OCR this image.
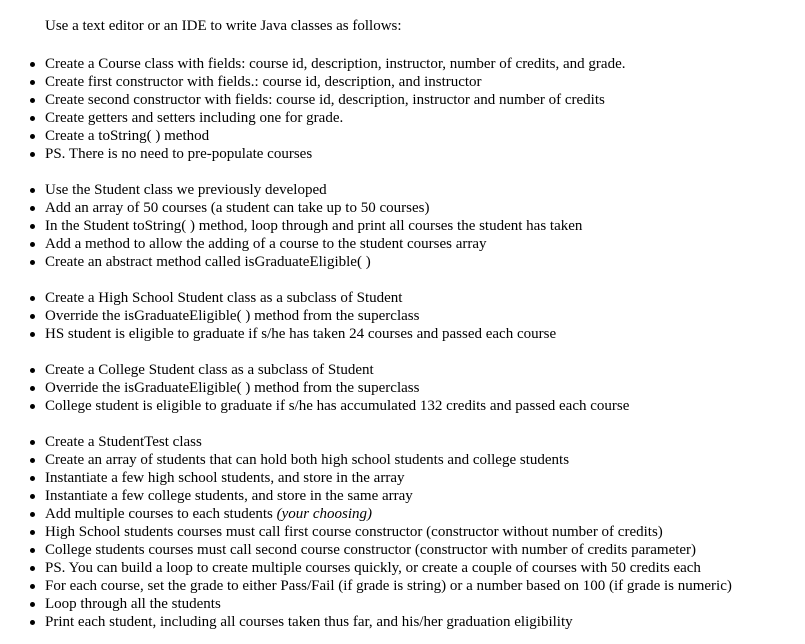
Use a text editor or an IDE to write Java classes as follows:

Create a Course class with fields: course id, description, instructor, number of credits, and grade.
Create first constructor with fields.: course id, description, and instructor
Create second constructor with fields: course id, description, instructor and number of credits
Create getters and setters including one for grade.
Create a toString( ) method
PS. There is no need to pre-populate courses
Use the Student class we previously developed
Add an array of 50 courses (a student can take up to 50 courses)
In the Student toString( ) method, loop through and print all courses the student has taken
Add a method to allow the adding of a course to the student courses array
Create an abstract method called isGraduateEligible( )
Create a High School Student class as a subclass of Student
Override the isGraduateEligible( ) method from the superclass
HS student is eligible to graduate if s/he has taken 24 courses and passed each course
Create a College Student class as a subclass of Student
Override the isGraduateEligible( ) method from the superclass
College student is eligible to graduate if s/he has accumulated 132 credits and passed each course
Create a StudentTest class
Create an array of students that can hold both high school students and college students
Instantiate a few high school students, and store in the array
Instantiate a few college students, and store in the same array
Add multiple courses to each students (your choosing)
High School students courses must call first course constructor (constructor without number of credits)
College students courses must call second course constructor (constructor with number of credits parameter)
PS. You can build a loop to create multiple courses quickly, or create a couple of courses with 50 credits each
For each course, set the grade to either Pass/Fail (if grade is string) or a number based on 100 (if grade is numeric)
Loop through all the students
Print each student, including all courses taken thus far, and his/her graduation eligibility
